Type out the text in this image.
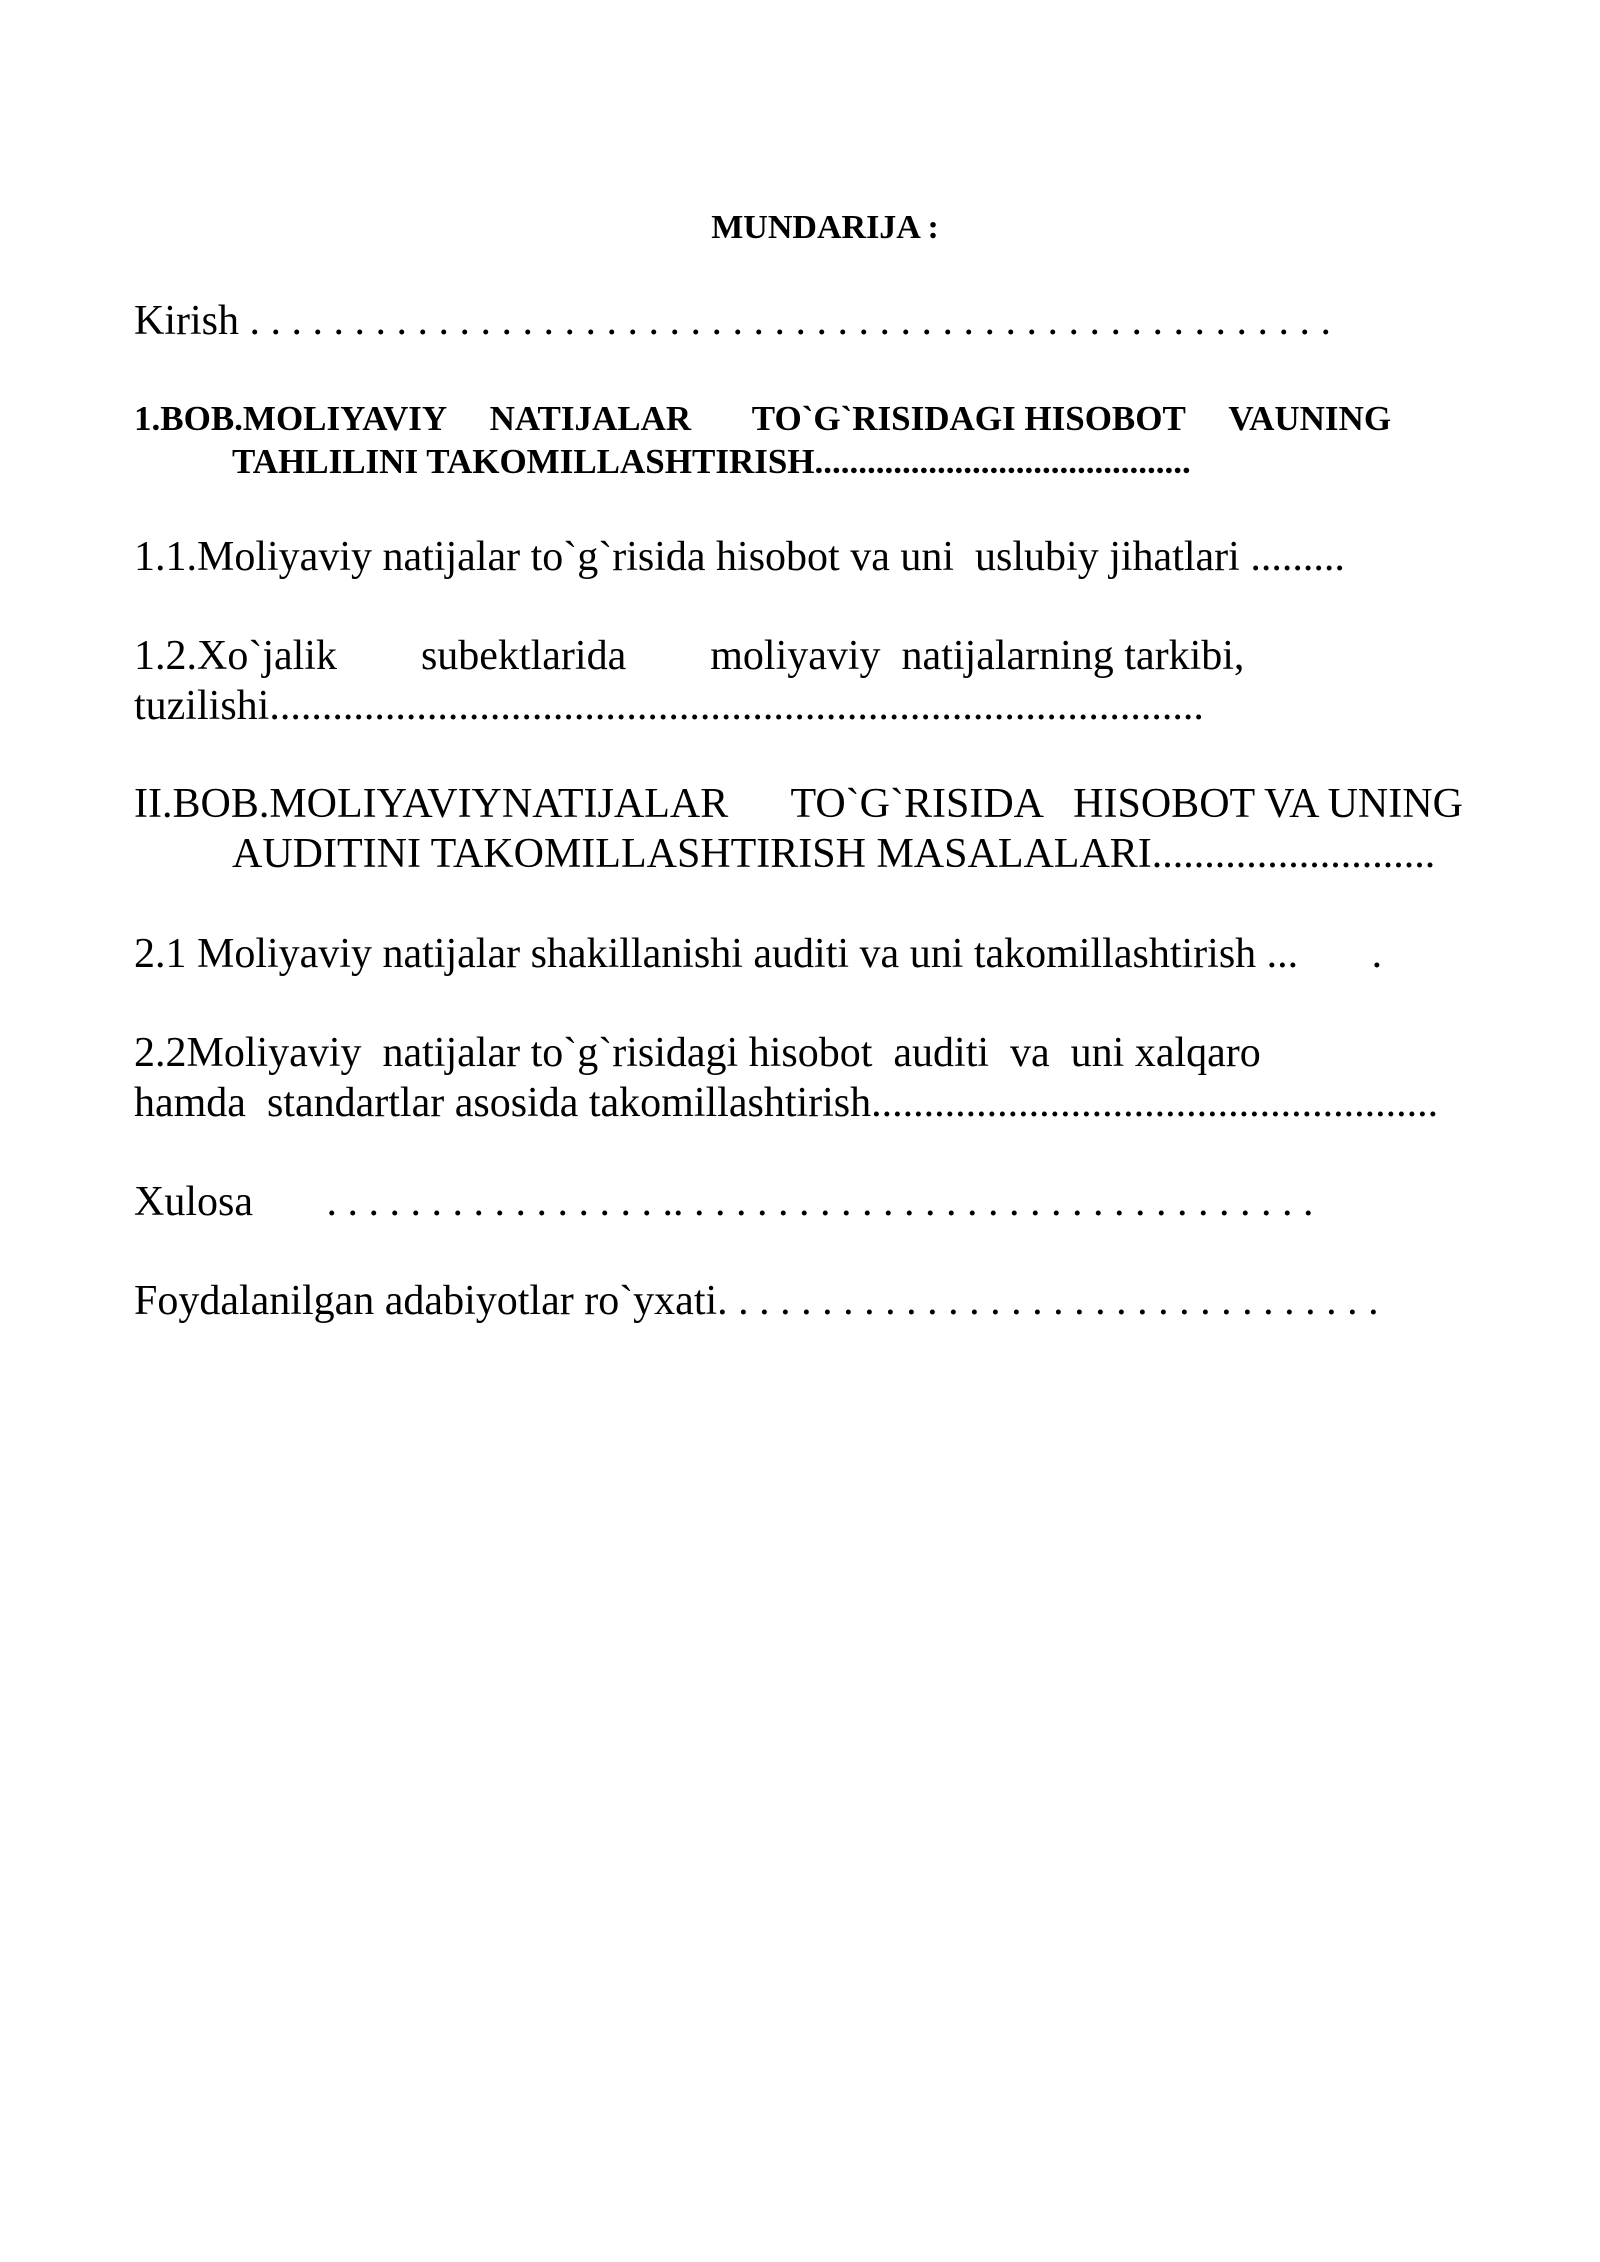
MUNDARIJA :
Kirish . . . . . . . . . . . . . . . . . . . . . . . . . . . . . . . . . . . . . . . . . . . . . . . . . . . .
1.BOB.MOLIYAVIY     NATIJALAR       TO`G`RISIDAGI HISOBOT     VAUNING
TAHLILINI TAKOMILLASHTIRISH...........................................
1.1.Moliyaviy natijalar to`g`risida hisobot va uni  uslubiy jihatlari .........
1.2.Xo`jalik        subektlarida        moliyaviy  natijalarning tarkibi,
tuzilishi.........................................................................................
II.BOB.MOLIYAVIYNATIJALAR      TO`G`RISIDA   HISOBOT VA UNING
AUDITINI TAKOMILLASHTIRISH MASALALARI...........................
2.1 Moliyaviy natijalar shakillanishi auditi va uni takomillashtirish ...       .
2.2Moliyaviy  natijalar to`g`risidagi hisobot  auditi  va  uni xalqaro
hamda  standartlar asosida takomillashtirish......................................................
Xulosa       . . . . . . . . . . . . . . . . .. . . . . . . . . . . . . . . . . . . . . . . . . . . . . . .
Foydalanilgan adabiyotlar ro`yxati. . . . . . . . . . . . . . . . . . . . . . . . . . . . . . . .
